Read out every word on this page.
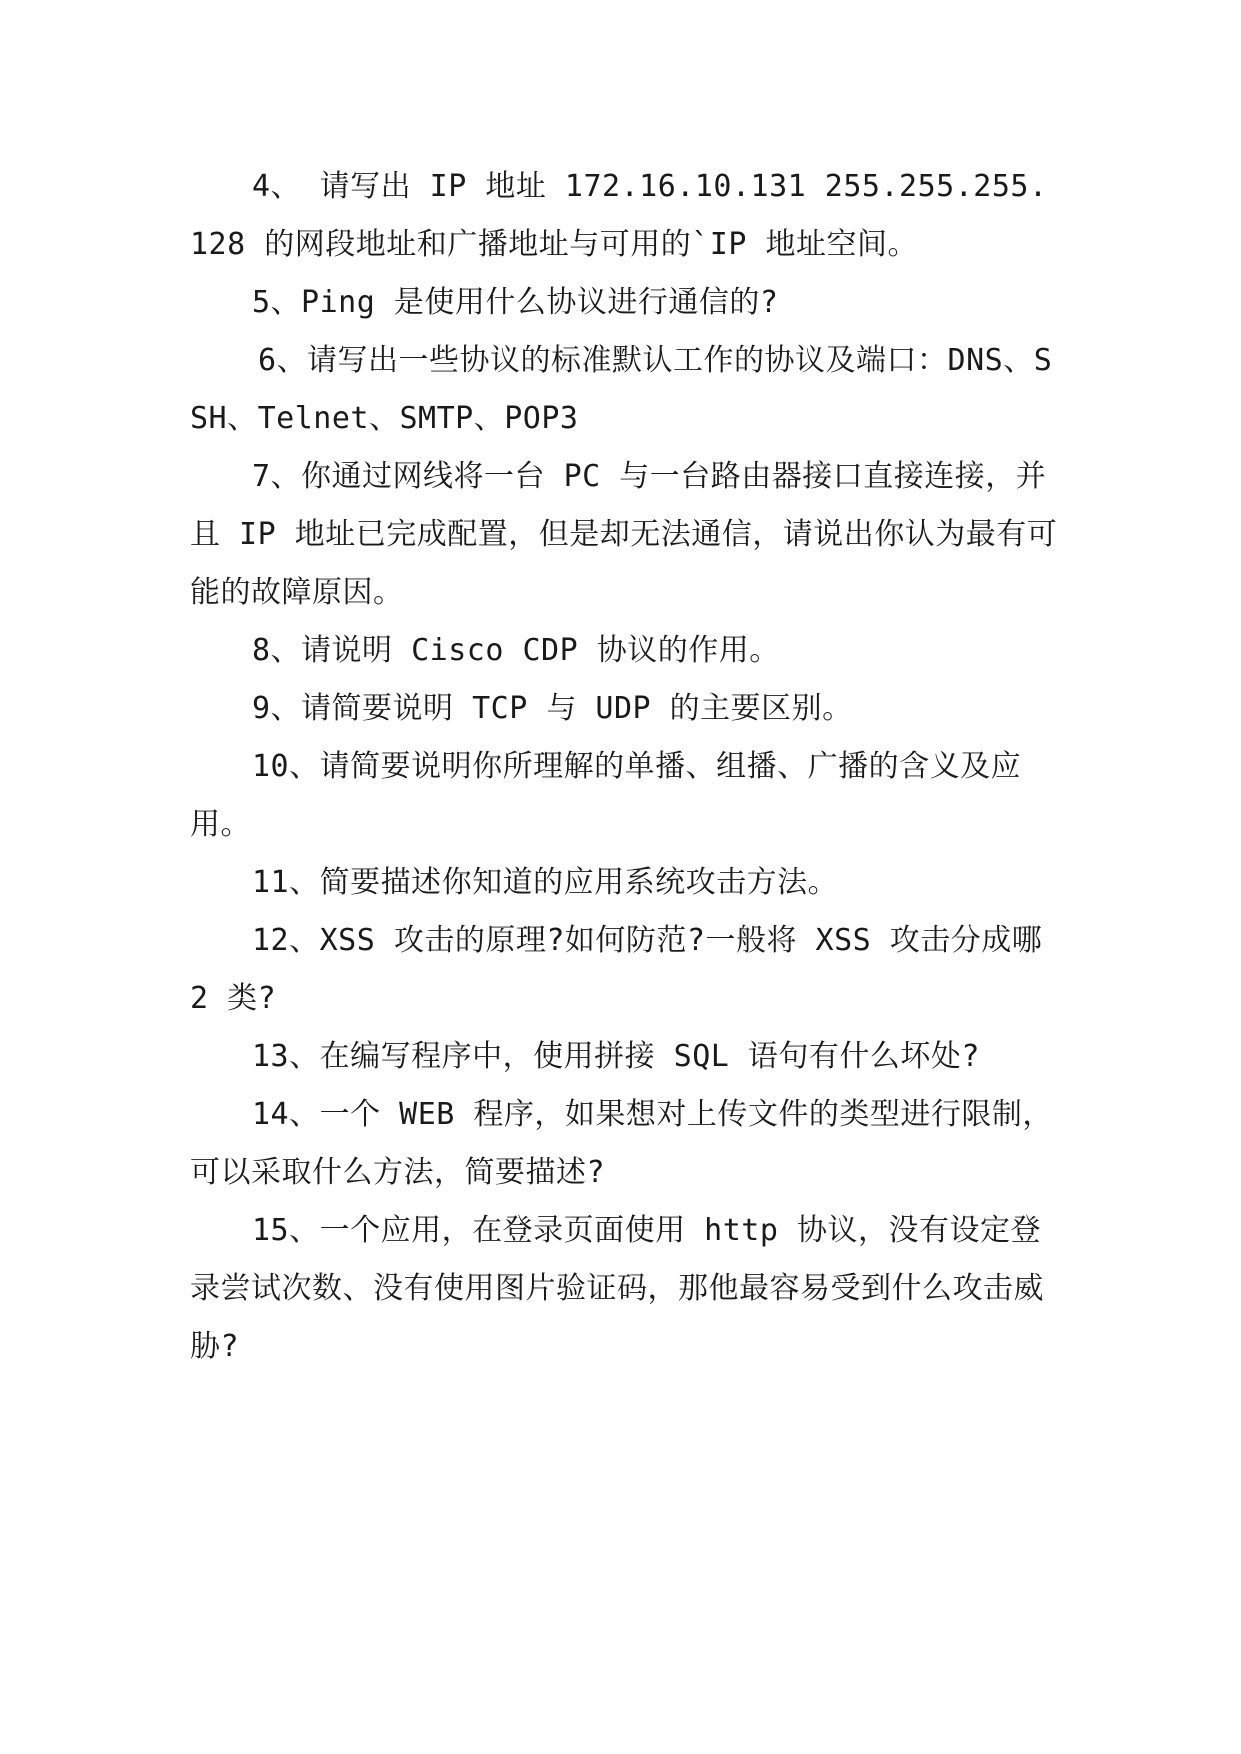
4、 请写出 IP 地址 172.16.10.131 255.255.255.128 的网段地址和广播地址与可用的`IP 地址空间。

5、Ping 是使用什么协议进行通信的?

6、请写出一些协议的标准默认工作的协议及端口：DNS、SSH、Telnet、SMTP、POP3

7、你通过网线将一台 PC 与一台路由器接口直接连接，并且 IP 地址已完成配置，但是却无法通信，请说出你认为最有可能的故障原因。

8、请说明 Cisco CDP 协议的作用。

9、请简要说明 TCP 与 UDP 的主要区别。

10、请简要说明你所理解的单播、组播、广播的含义及应用。

11、简要描述你知道的应用系统攻击方法。

12、XSS 攻击的原理?如何防范?一般将 XSS 攻击分成哪 2 类?

13、在编写程序中，使用拼接 SQL 语句有什么坏处?

14、一个 WEB 程序，如果想对上传文件的类型进行限制，可以采取什么方法，简要描述?

15、一个应用，在登录页面使用 http 协议，没有设定登录尝试次数、没有使用图片验证码，那他最容易受到什么攻击威胁?
